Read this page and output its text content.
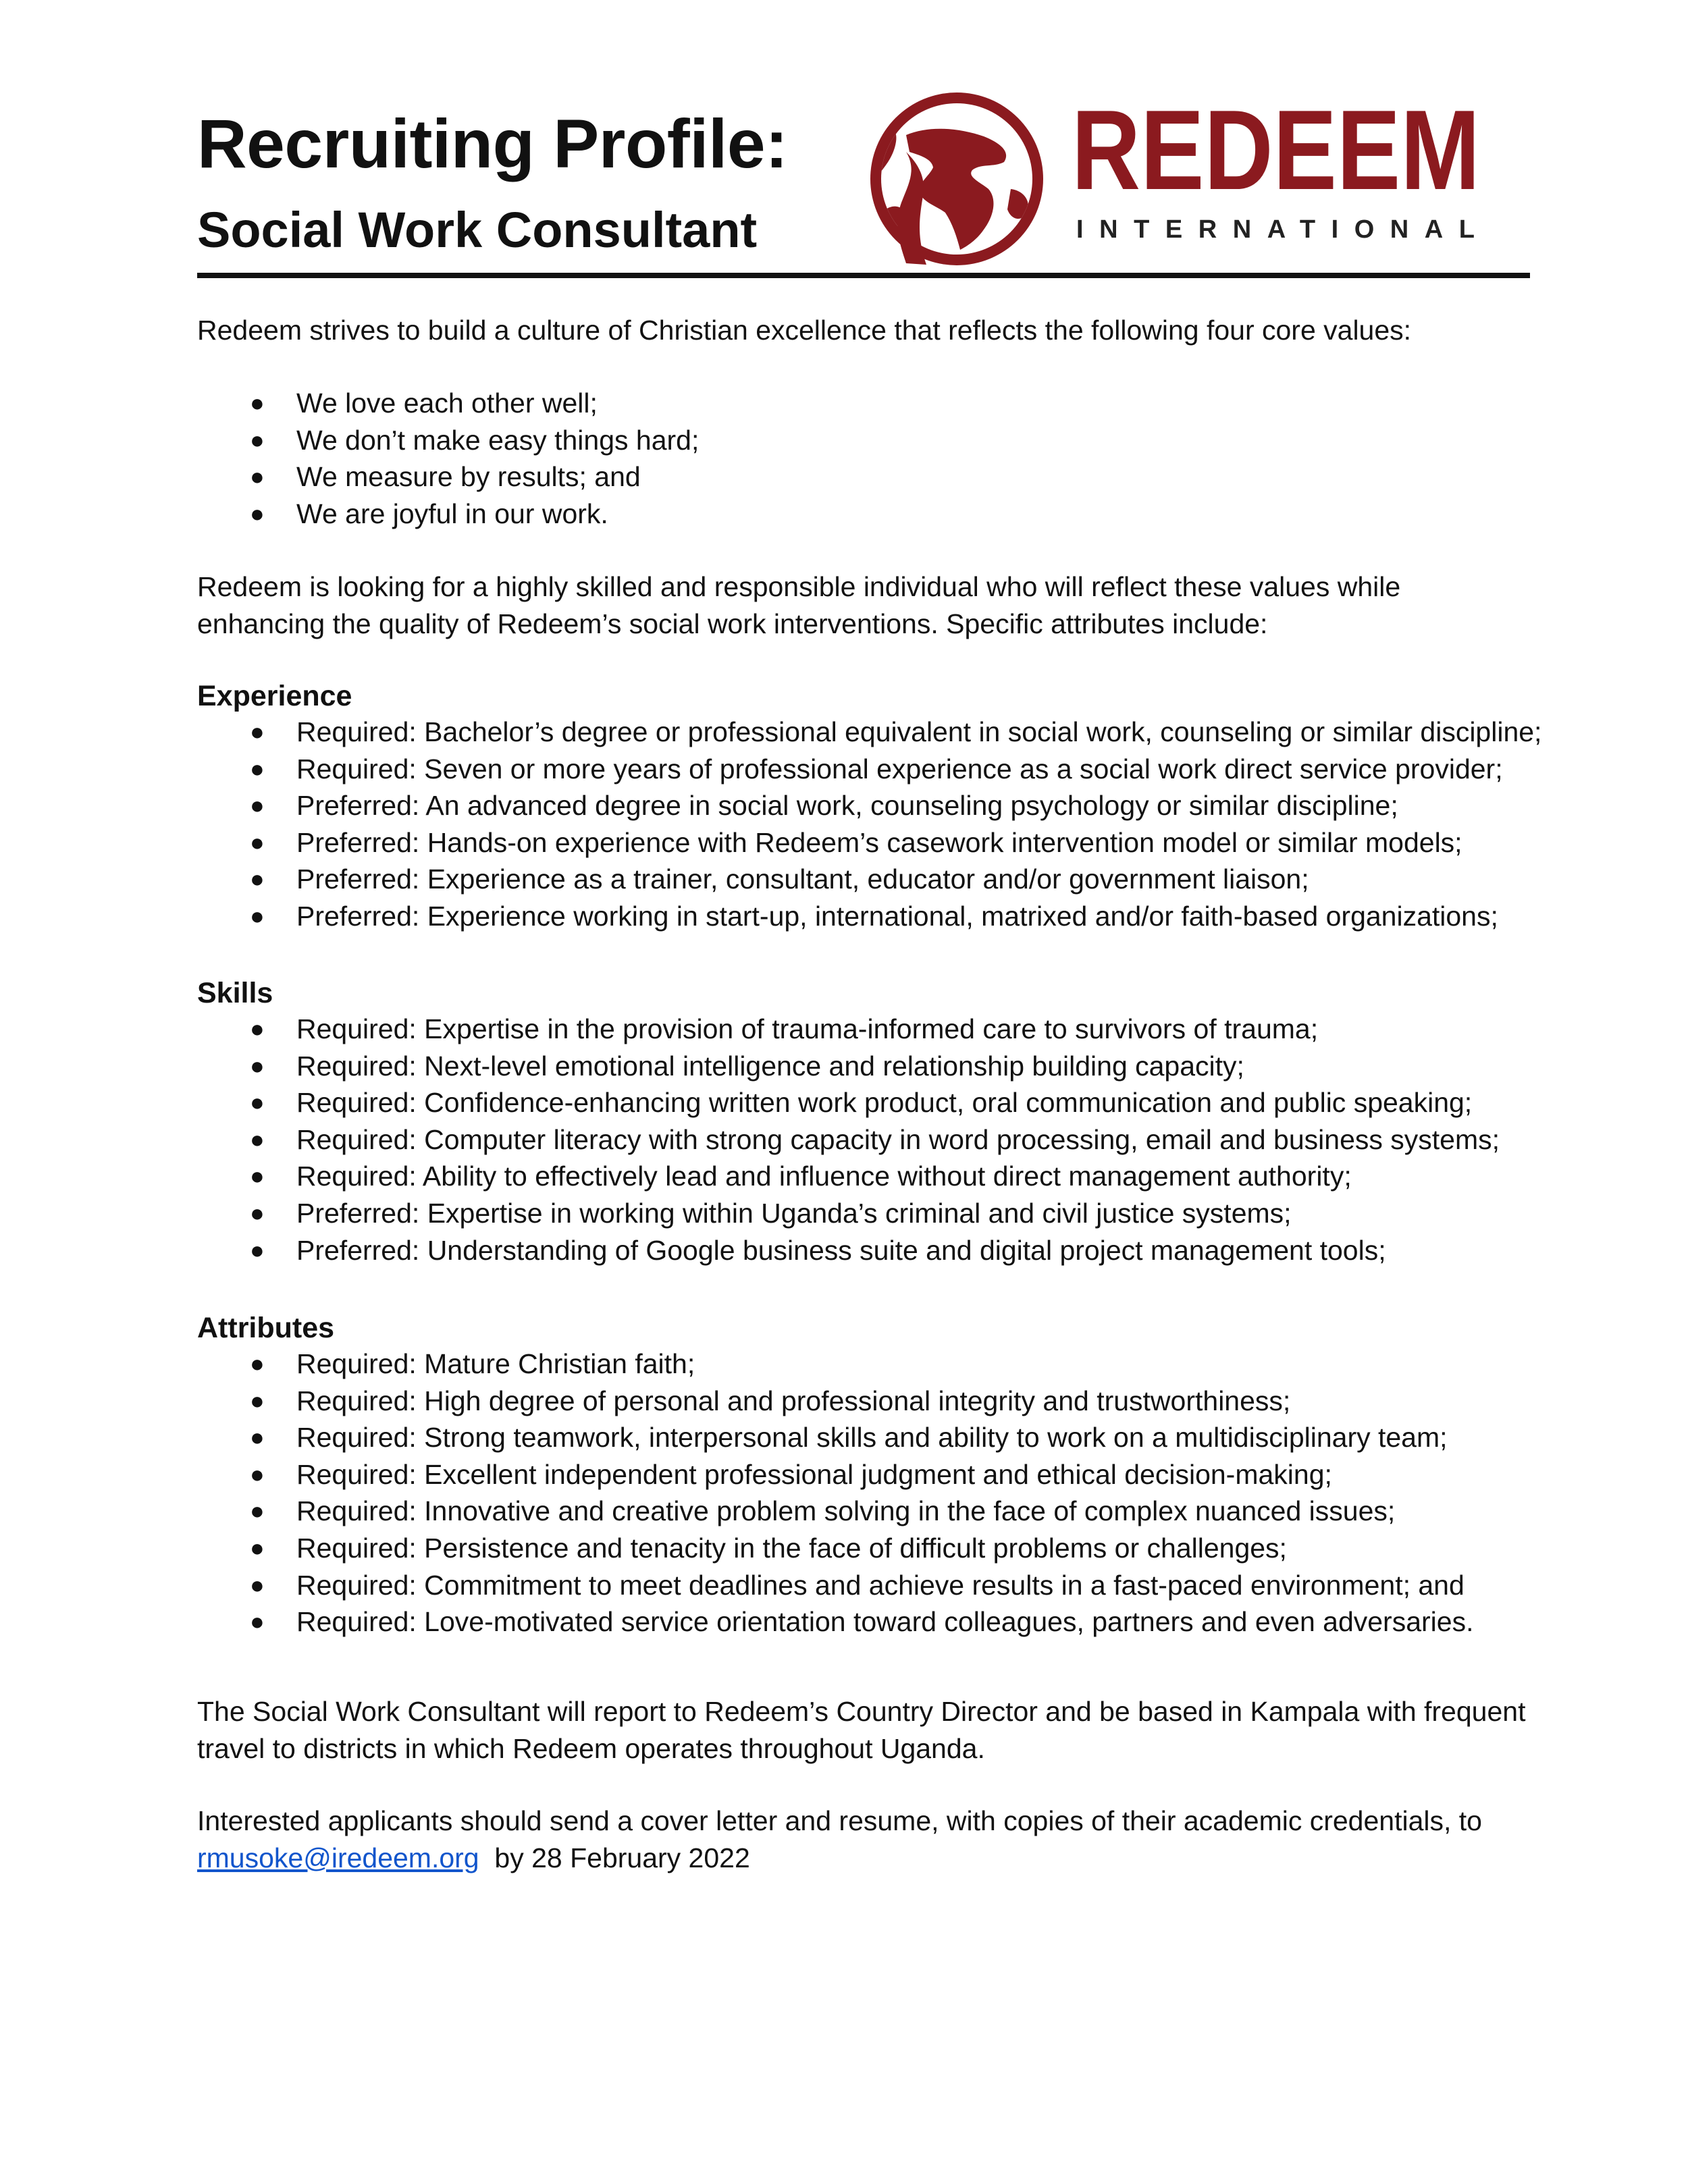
Recruiting Profile:
Social Work Consultant
REDEEM
INTERNATIONAL

Redeem strives to build a culture of Christian excellence that reflects the following four core values:

● We love each other well;
● We don’t make easy things hard;
● We measure by results; and
● We are joyful in our work.

Redeem is looking for a highly skilled and responsible individual who will reflect these values while enhancing the quality of Redeem’s social work interventions. Specific attributes include:

Experience
● Required: Bachelor’s degree or professional equivalent in social work, counseling or similar discipline;
● Required: Seven or more years of professional experience as a social work direct service provider;
● Preferred: An advanced degree in social work, counseling psychology or similar discipline;
● Preferred: Hands-on experience with Redeem’s casework intervention model or similar models;
● Preferred: Experience as a trainer, consultant, educator and/or government liaison;
● Preferred: Experience working in start-up, international, matrixed and/or faith-based organizations;
Skills
● Required: Expertise in the provision of trauma-informed care to survivors of trauma;
● Required: Next-level emotional intelligence and relationship building capacity;
● Required: Confidence-enhancing written work product, oral communication and public speaking;
● Required: Computer literacy with strong capacity in word processing, email and business systems;
● Required: Ability to effectively lead and influence without direct management authority;
● Preferred: Expertise in working within Uganda’s criminal and civil justice systems;
● Preferred: Understanding of Google business suite and digital project management tools;
Attributes
● Required: Mature Christian faith;
● Required: High degree of personal and professional integrity and trustworthiness;
● Required: Strong teamwork, interpersonal skills and ability to work on a multidisciplinary team;
● Required: Excellent independent professional judgment and ethical decision-making;
● Required: Innovative and creative problem solving in the face of complex nuanced issues;
● Required: Persistence and tenacity in the face of difficult problems or challenges;
● Required: Commitment to meet deadlines and achieve results in a fast-paced environment; and
● Required: Love-motivated service orientation toward colleagues, partners and even adversaries.

The Social Work Consultant will report to Redeem’s Country Director and be based in Kampala with frequent travel to districts in which Redeem operates throughout Uganda.

Interested applicants should send a cover letter and resume, with copies of their academic credentials, to
rmusoke@iredeem.org by 28 February 2022
